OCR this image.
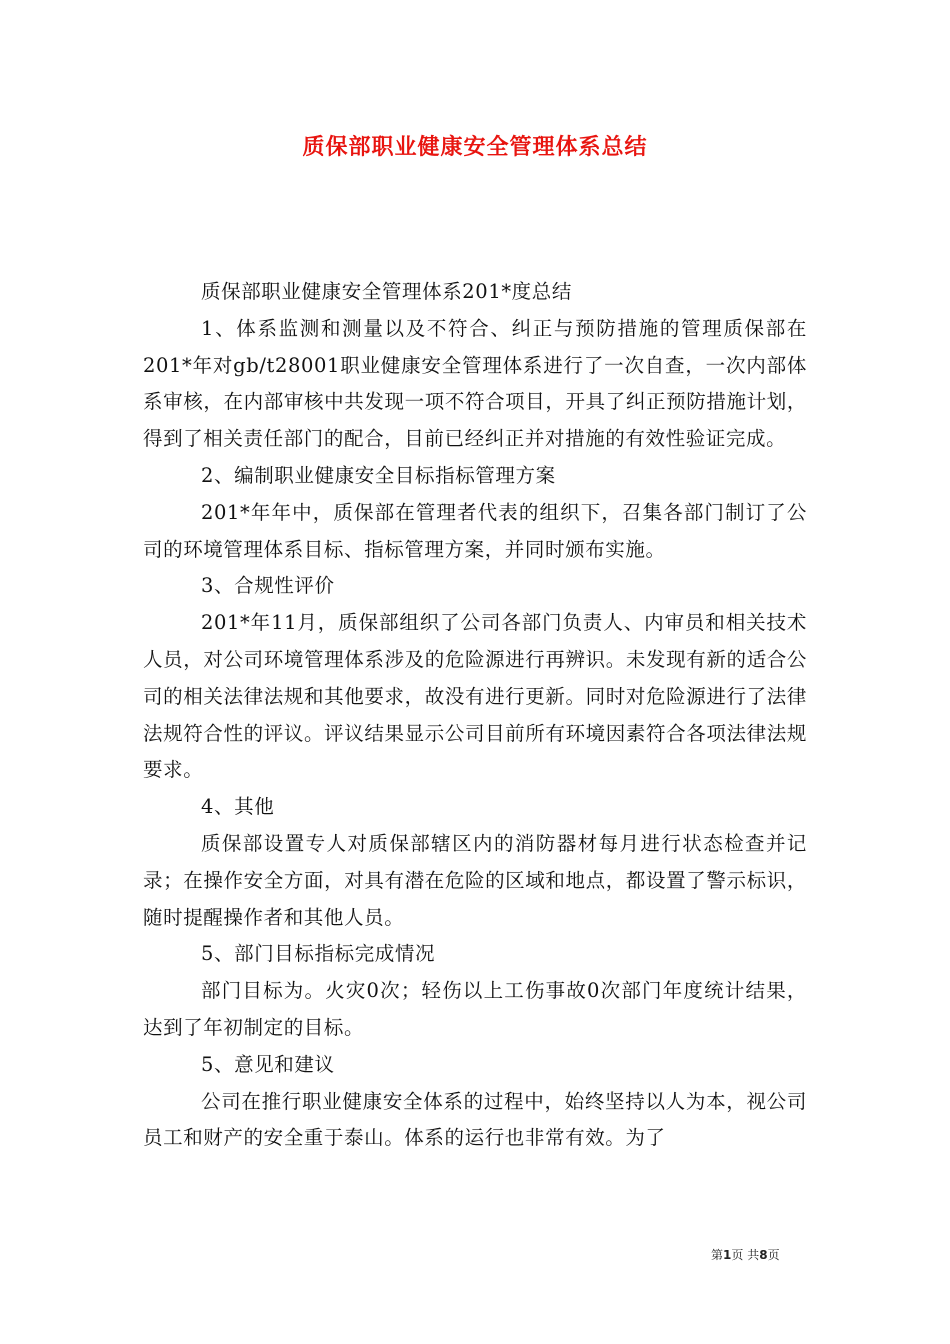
质保部职业健康安全管理体系总结

质保部职业健康安全管理体系201*度总结

1、体系监测和测量以及不符合、纠正与预防措施的管理质保部在201*年对gb/t28001职业健康安全管理体系进行了一次自查，一次内部体系审核，在内部审核中共发现一项不符合项目，开具了纠正预防措施计划，得到了相关责任部门的配合，目前已经纠正并对措施的有效性验证完成。

2、编制职业健康安全目标指标管理方案

201*年年中，质保部在管理者代表的组织下，召集各部门制订了公司的环境管理体系目标、指标管理方案，并同时颁布实施。

3、合规性评价

201*年11月，质保部组织了公司各部门负责人、内审员和相关技术人员，对公司环境管理体系涉及的危险源进行再辨识。未发现有新的适合公司的相关法律法规和其他要求，故没有进行更新。同时对危险源进行了法律法规符合性的评议。评议结果显示公司目前所有环境因素符合各项法律法规要求。

4、其他

质保部设置专人对质保部辖区内的消防器材每月进行状态检查并记录；在操作安全方面，对具有潜在危险的区域和地点，都设置了警示标识，随时提醒操作者和其他人员。

5、部门目标指标完成情况

部门目标为。火灾0次；轻伤以上工伤事故0次部门年度统计结果，达到了年初制定的目标。

5、意见和建议

公司在推行职业健康安全体系的过程中，始终坚持以人为本，视公司员工和财产的安全重于泰山。体系的运行也非常有效。为了

第1页 共8页
